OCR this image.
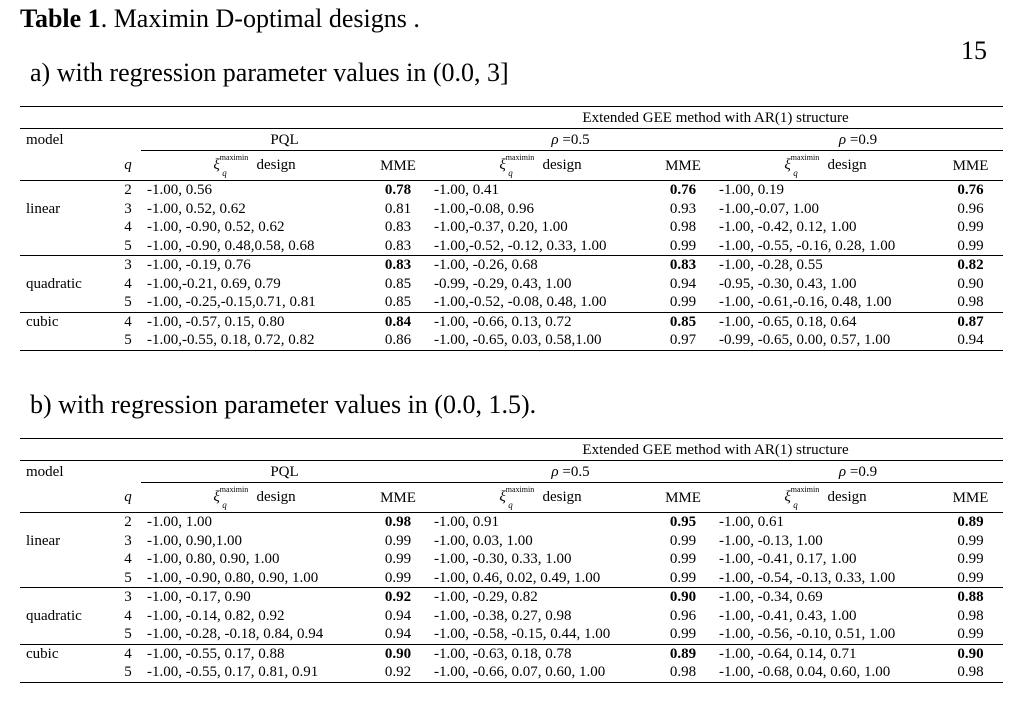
Table 1. Maximin D-optimal designs .
15
a) with regression parameter values in (0.0, 3]
				Extended GEE method with AR(1) structure			
model		PQL		ρ =0.5		ρ =0.9	
	q	$\xi^{maximin}_q$ design	MME	$\xi^{maximin}_q$ design	MME	$\xi^{maximin}_q$ design	MME
	2	-1.00, 0.56	0.78	-1.00, 0.41	0.76	-1.00, 0.19	0.76
linear	3	-1.00, 0.52, 0.62	0.81	-1.00,-0.08, 0.96	0.93	-1.00,-0.07, 1.00	0.96
	4	-1.00, -0.90, 0.52, 0.62	0.83	-1.00,-0.37, 0.20, 1.00	0.98	-1.00, -0.42, 0.12, 1.00	0.99
	5	-1.00, -0.90, 0.48,0.58, 0.68	0.83	-1.00,-0.52, -0.12, 0.33, 1.00	0.99	-1.00, -0.55, -0.16, 0.28, 1.00	0.99
	3	-1.00, -0.19, 0.76	0.83	-1.00, -0.26, 0.68	0.83	-1.00, -0.28, 0.55	0.82
quadratic	4	-1.00,-0.21, 0.69, 0.79	0.85	-0.99, -0.29, 0.43, 1.00	0.94	-0.95, -0.30, 0.43, 1.00	0.90
	5	-1.00, -0.25,-0.15,0.71, 0.81	0.85	-1.00,-0.52, -0.08, 0.48, 1.00	0.99	-1.00, -0.61,-0.16, 0.48, 1.00	0.98
cubic	4	-1.00, -0.57, 0.15, 0.80	0.84	-1.00, -0.66, 0.13, 0.72	0.85	-1.00, -0.65, 0.18, 0.64	0.87
	5	-1.00,-0.55, 0.18, 0.72, 0.82	0.86	-1.00, -0.65, 0.03, 0.58,1.00	0.97	-0.99, -0.65, 0.00, 0.57, 1.00	0.94
b) with regression parameter values in (0.0, 1.5).
				Extended GEE method with AR(1) structure			
model		PQL		ρ =0.5		ρ =0.9	
	q	$\xi^{maximin}_q$ design	MME	$\xi^{maximin}_q$ design	MME	$\xi^{maximin}_q$ design	MME
	2	-1.00, 1.00	0.98	-1.00, 0.91	0.95	-1.00, 0.61	0.89
linear	3	-1.00, 0.90,1.00	0.99	-1.00, 0.03, 1.00	0.99	-1.00, -0.13, 1.00	0.99
	4	-1.00, 0.80, 0.90, 1.00	0.99	-1.00, -0.30, 0.33, 1.00	0.99	-1.00, -0.41, 0.17, 1.00	0.99
	5	-1.00, -0.90, 0.80, 0.90, 1.00	0.99	-1.00, 0.46, 0.02, 0.49, 1.00	0.99	-1.00, -0.54, -0.13, 0.33, 1.00	0.99
	3	-1.00, -0.17, 0.90	0.92	-1.00, -0.29, 0.82	0.90	-1.00, -0.34, 0.69	0.88
quadratic	4	-1.00, -0.14, 0.82, 0.92	0.94	-1.00, -0.38, 0.27, 0.98	0.96	-1.00, -0.41, 0.43, 1.00	0.98
	5	-1.00, -0.28, -0.18, 0.84, 0.94	0.94	-1.00, -0.58, -0.15, 0.44, 1.00	0.99	-1.00, -0.56, -0.10, 0.51, 1.00	0.99
cubic	4	-1.00, -0.55, 0.17, 0.88	0.90	-1.00, -0.63, 0.18, 0.78	0.89	-1.00, -0.64, 0.14, 0.71	0.90
	5	-1.00, -0.55, 0.17, 0.81, 0.91	0.92	-1.00, -0.66, 0.07, 0.60, 1.00	0.98	-1.00, -0.68, 0.04, 0.60, 1.00	0.98
